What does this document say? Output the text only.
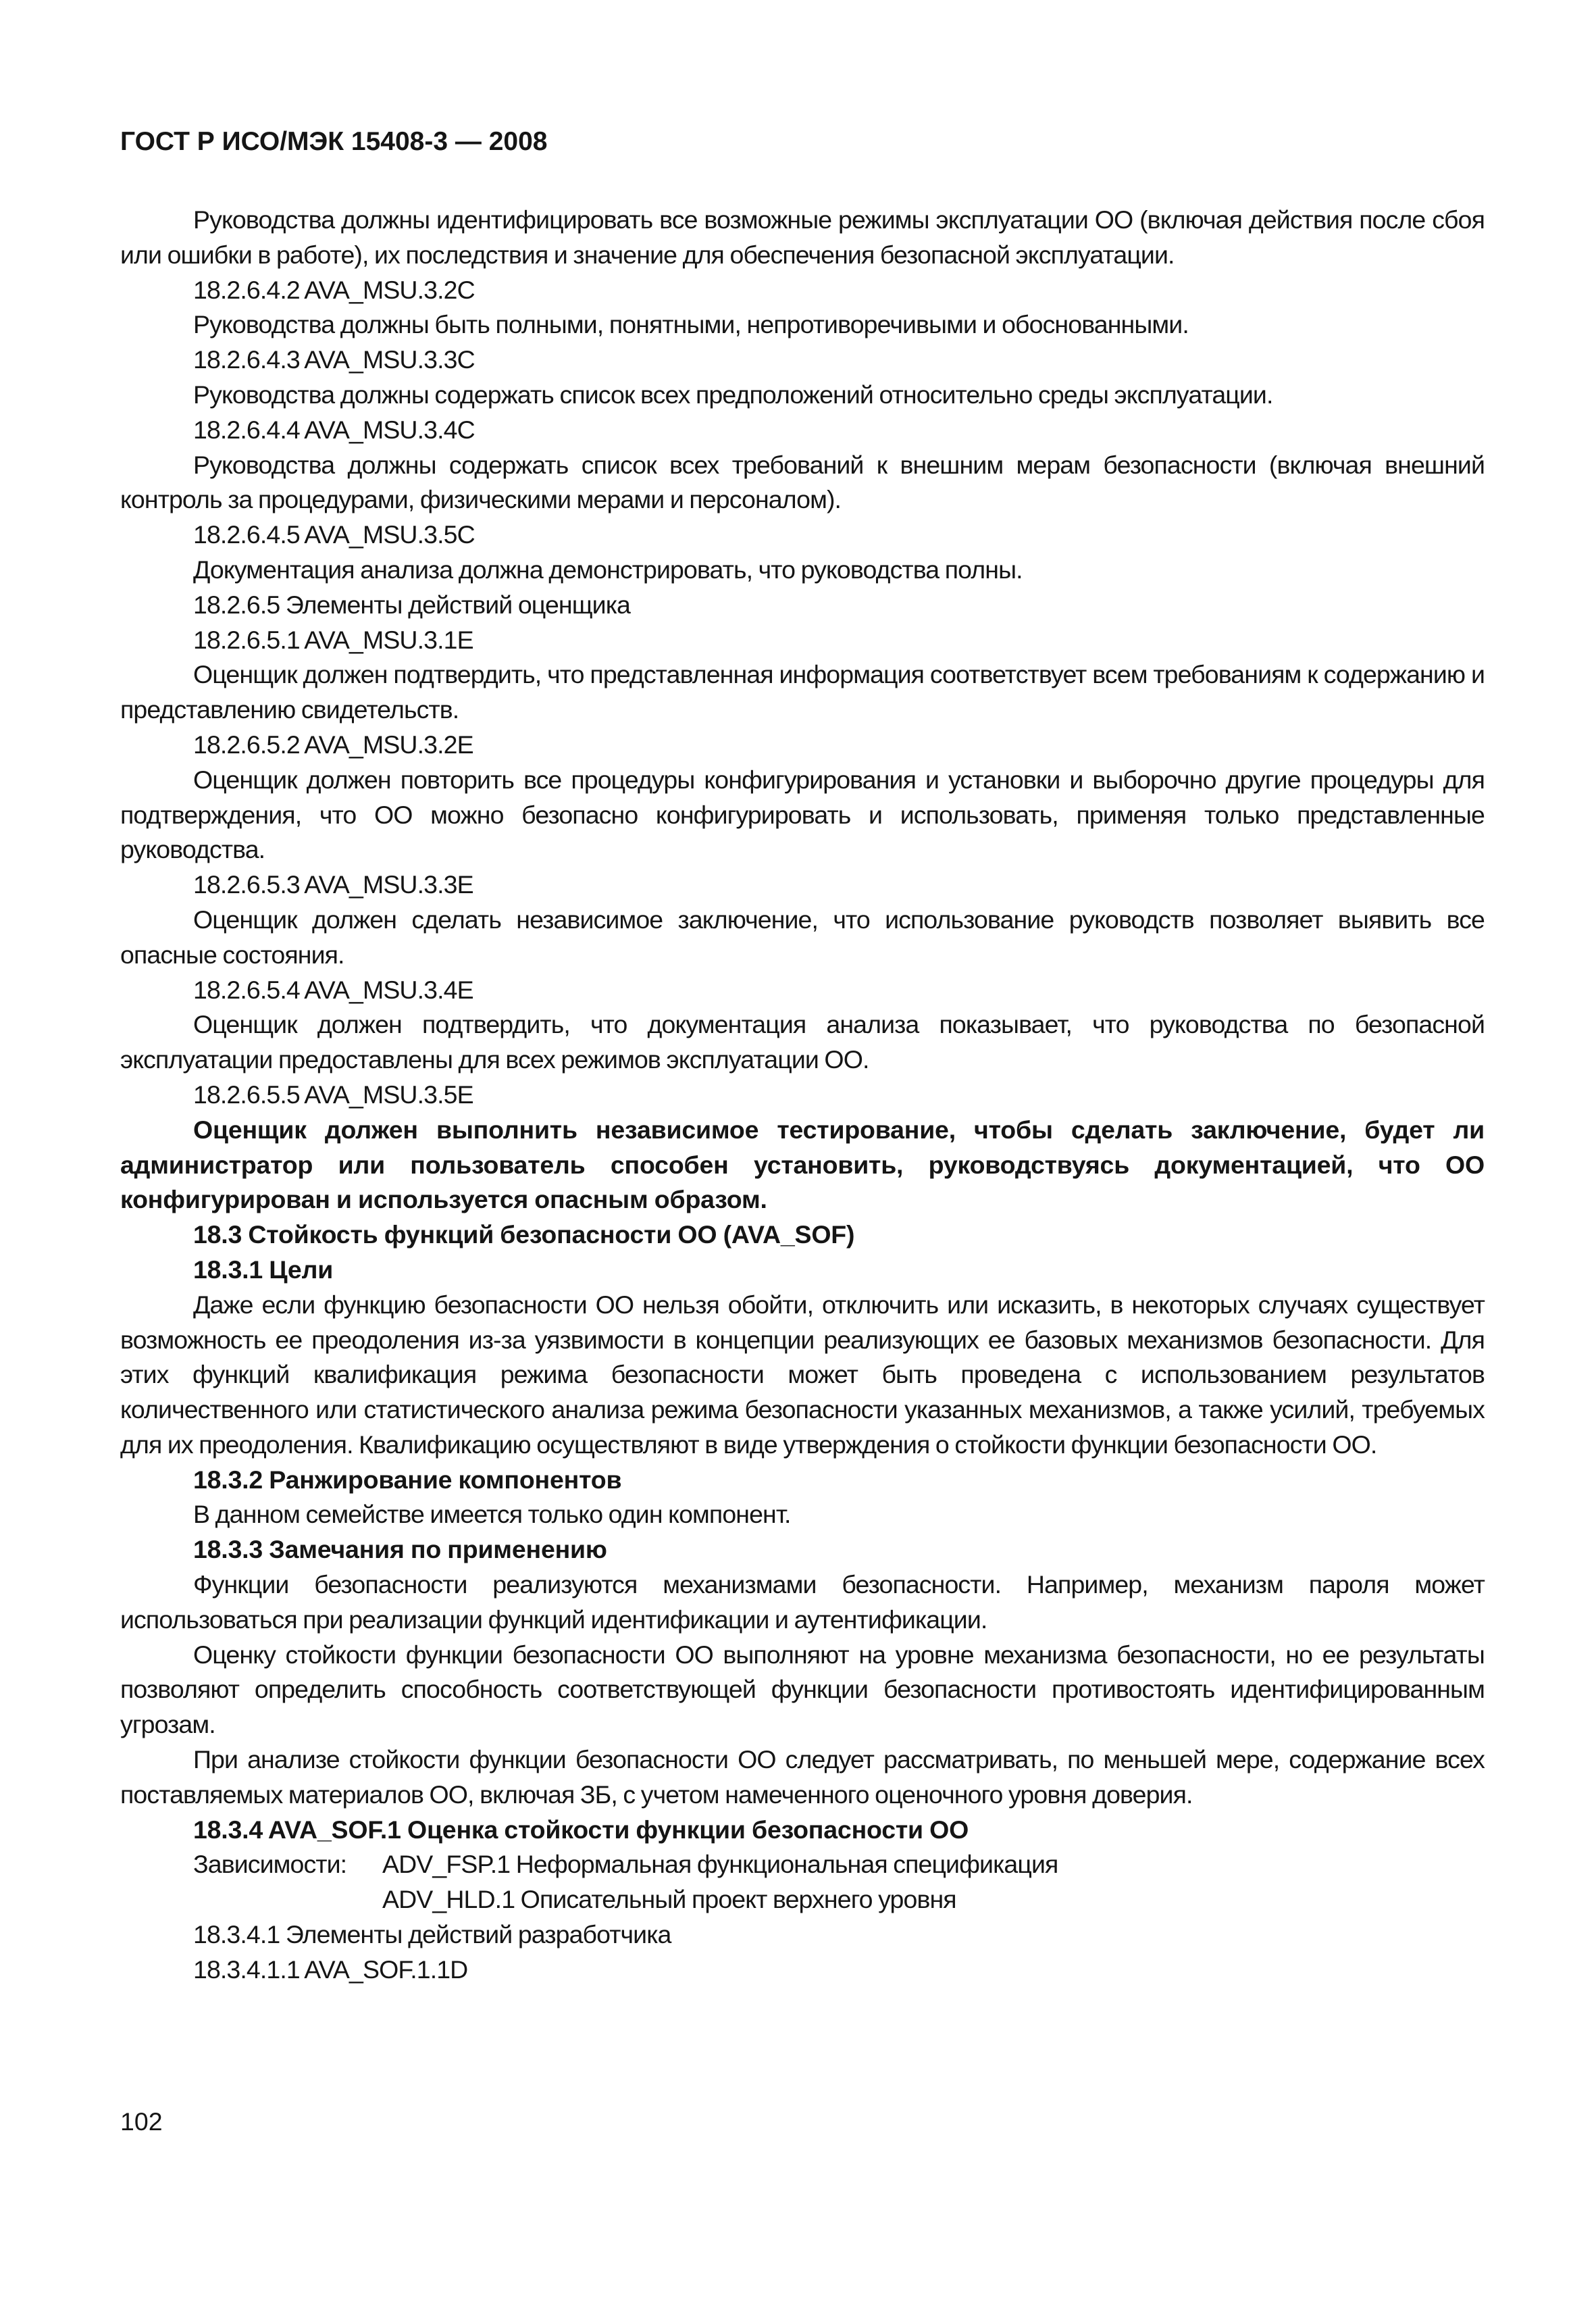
ГОСТ Р ИСО/МЭК 15408-3 — 2008

Руководства должны идентифицировать все возможные режимы эксплуатации ОО (включая действия после сбоя или ошибки в работе), их последствия и значение для обеспечения безопасной эксплуатации.

18.2.6.4.2 AVA_MSU.3.2C

Руководства должны быть полными, понятными, непротиворечивыми и обоснованными.

18.2.6.4.3 AVA_MSU.3.3C

Руководства должны содержать список всех предположений относительно среды эксплуатации.

18.2.6.4.4 AVA_MSU.3.4C

Руководства должны содержать список всех требований к внешним мерам безопасности (включая внешний контроль за процедурами, физическими мерами и персоналом).

18.2.6.4.5 AVA_MSU.3.5C

Документация анализа должна демонстрировать, что руководства полны.

18.2.6.5 Элементы действий оценщика

18.2.6.5.1 AVA_MSU.3.1E

Оценщик должен подтвердить, что представленная информация соответствует всем требованиям к содержанию и представлению свидетельств.

18.2.6.5.2 AVA_MSU.3.2E

Оценщик должен повторить все процедуры конфигурирования и установки и выборочно другие процедуры для подтверждения, что ОО можно безопасно конфигурировать и использовать, применяя только представленные руководства.

18.2.6.5.3 AVA_MSU.3.3E

Оценщик должен сделать независимое заключение, что использование руководств позволяет выявить все опасные состояния.

18.2.6.5.4 AVA_MSU.3.4E

Оценщик должен подтвердить, что документация анализа показывает, что руководства по безопасной эксплуатации предоставлены для всех режимов эксплуатации ОО.

18.2.6.5.5 AVA_MSU.3.5E

Оценщик должен выполнить независимое тестирование, чтобы сделать заключение, будет ли администратор или пользователь способен установить, руководствуясь документацией, что ОО конфигурирован и используется опасным образом.

18.3 Стойкость функций безопасности ОО (AVA_SOF)

18.3.1 Цели

Даже если функцию безопасности ОО нельзя обойти, отключить или исказить, в некоторых случаях существует возможность ее преодоления из-за уязвимости в концепции реализующих ее базовых механизмов безопасности. Для этих функций квалификация режима безопасности может быть проведена с использованием результатов количественного или статистического анализа режима безопасности указанных механизмов, а также усилий, требуемых для их преодоления. Квалификацию осуществляют в виде утверждения о стойкости функции безопасности ОО.

18.3.2 Ранжирование компонентов

В данном семействе имеется только один компонент.

18.3.3 Замечания по применению

Функции безопасности реализуются механизмами безопасности. Например, механизм пароля может использоваться при реализации функций идентификации и аутентификации.

Оценку стойкости функции безопасности ОО выполняют на уровне механизма безопасности, но ее результаты позволяют определить способность соответствующей функции безопасности противостоять идентифицированным угрозам.

При анализе стойкости функции безопасности ОО следует рассматривать, по меньшей мере, содержание всех поставляемых материалов ОО, включая ЗБ, с учетом намеченного оценочного уровня доверия.

18.3.4 AVA_SOF.1 Оценка стойкости функции безопасности ОО

Зависимости: ADV_FSP.1 Неформальная функциональная спецификация

ADV_HLD.1 Описательный проект верхнего уровня

18.3.4.1 Элементы действий разработчика

18.3.4.1.1 AVA_SOF.1.1D

102
